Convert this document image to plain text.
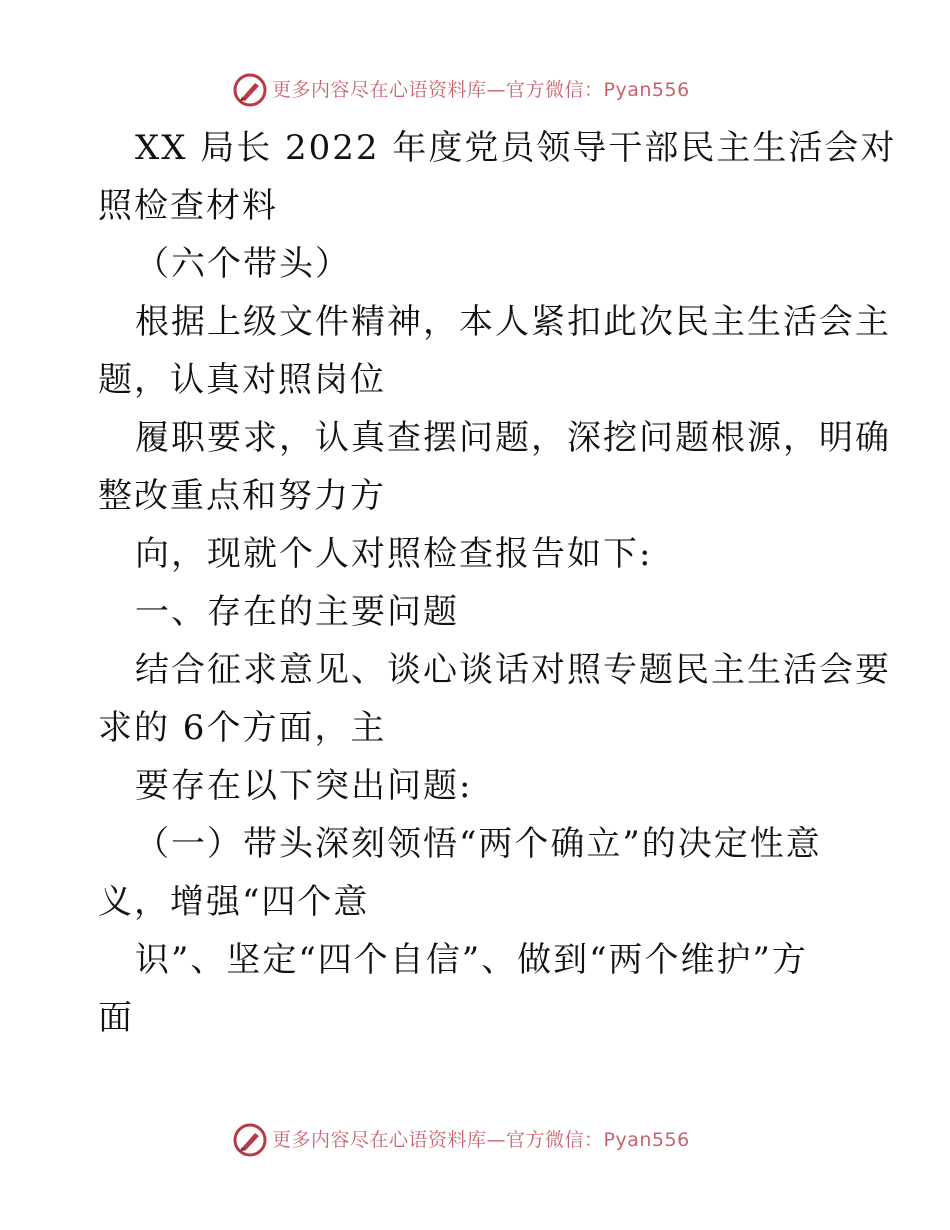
更多内容尽在心语资料库—官方微信：Pyan556
XX 局长 2022 年度党员领导干部民主生活会对
照检查材料
（六个带头）
根据上级文件精神，本人紧扣此次民主生活会主
题，认真对照岗位
履职要求，认真查摆问题，深挖问题根源，明确
整改重点和努力方
向，现就个人对照检查报告如下:
一、存在的主要问题
结合征求意见、谈心谈话对照专题民主生活会要
求的 6个方面，主
要存在以下突出问题:
（一）带头深刻领悟“两个确立”的决定性意
义，增强“四个意
识”、坚定“四个自信”、做到“两个维护”方
面
更多内容尽在心语资料库—官方微信：Pyan556
